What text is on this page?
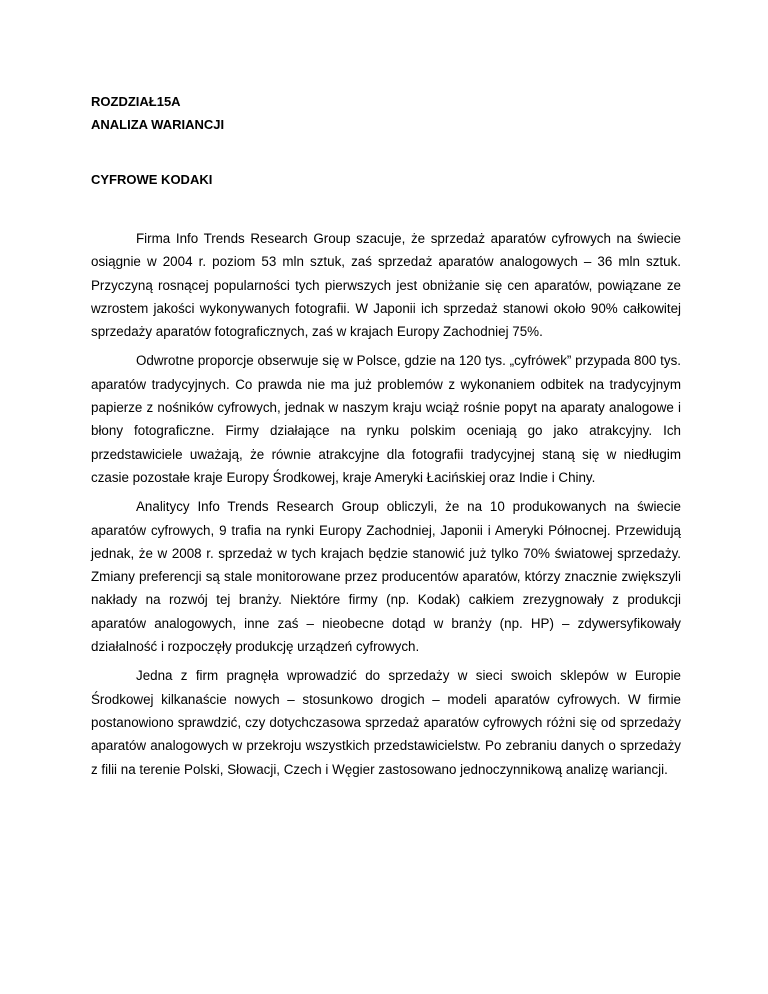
ROZDZIAŁ15A
ANALIZA WARIANCJI
CYFROWE KODAKI

Firma Info Trends Research Group szacuje, że sprzedaż aparatów cyfrowych na świecie osiągnie w 2004 r. poziom 53 mln sztuk, zaś sprzedaż aparatów analogowych – 36 mln sztuk. Przyczyną rosnącej popularności tych pierwszych jest obniżanie się cen aparatów, powiązane ze wzrostem jakości wykonywanych fotografii. W Japonii ich sprzedaż stanowi około 90% całkowitej sprzedaży aparatów fotograficznych, zaś w krajach Europy Zachodniej 75%.

Odwrotne proporcje obserwuje się w Polsce, gdzie na 120 tys. „cyfrówek” przypada 800 tys. aparatów tradycyjnych. Co prawda nie ma już problemów z wykonaniem odbitek na tradycyjnym papierze z nośników cyfrowych, jednak w naszym kraju wciąż rośnie popyt na aparaty analogowe i błony fotograficzne. Firmy działające na rynku polskim oceniają go jako atrakcyjny. Ich przedstawiciele uważają, że równie atrakcyjne dla fotografii tradycyjnej staną się w niedługim czasie pozostałe kraje Europy Środkowej, kraje Ameryki Łacińskiej oraz Indie i Chiny.

Analitycy Info Trends Research Group obliczyli, że na 10 produkowanych na świecie aparatów cyfrowych, 9 trafia na rynki Europy Zachodniej, Japonii i Ameryki Północnej. Przewidują jednak, że w 2008 r. sprzedaż w tych krajach będzie stanowić już tylko 70% światowej sprzedaży. Zmiany preferencji są stale monitorowane przez producentów aparatów, którzy znacznie zwiększyli nakłady na rozwój tej branży. Niektóre firmy (np. Kodak) całkiem zrezygnowały z produkcji aparatów analogowych, inne zaś – nieobecne dotąd w branży (np. HP) – zdywersyfikowały działalność i rozpoczęły produkcję urządzeń cyfrowych.

Jedna z firm pragnęła wprowadzić do sprzedaży w sieci swoich sklepów w Europie Środkowej kilkanaście nowych – stosunkowo drogich – modeli aparatów cyfrowych. W firmie postanowiono sprawdzić, czy dotychczasowa sprzedaż aparatów cyfrowych różni się od sprzedaży aparatów analogowych w przekroju wszystkich przedstawicielstw. Po zebraniu danych o sprzedaży z filii na terenie Polski, Słowacji, Czech i Węgier zastosowano jednoczynnikową analizę wariancji.
